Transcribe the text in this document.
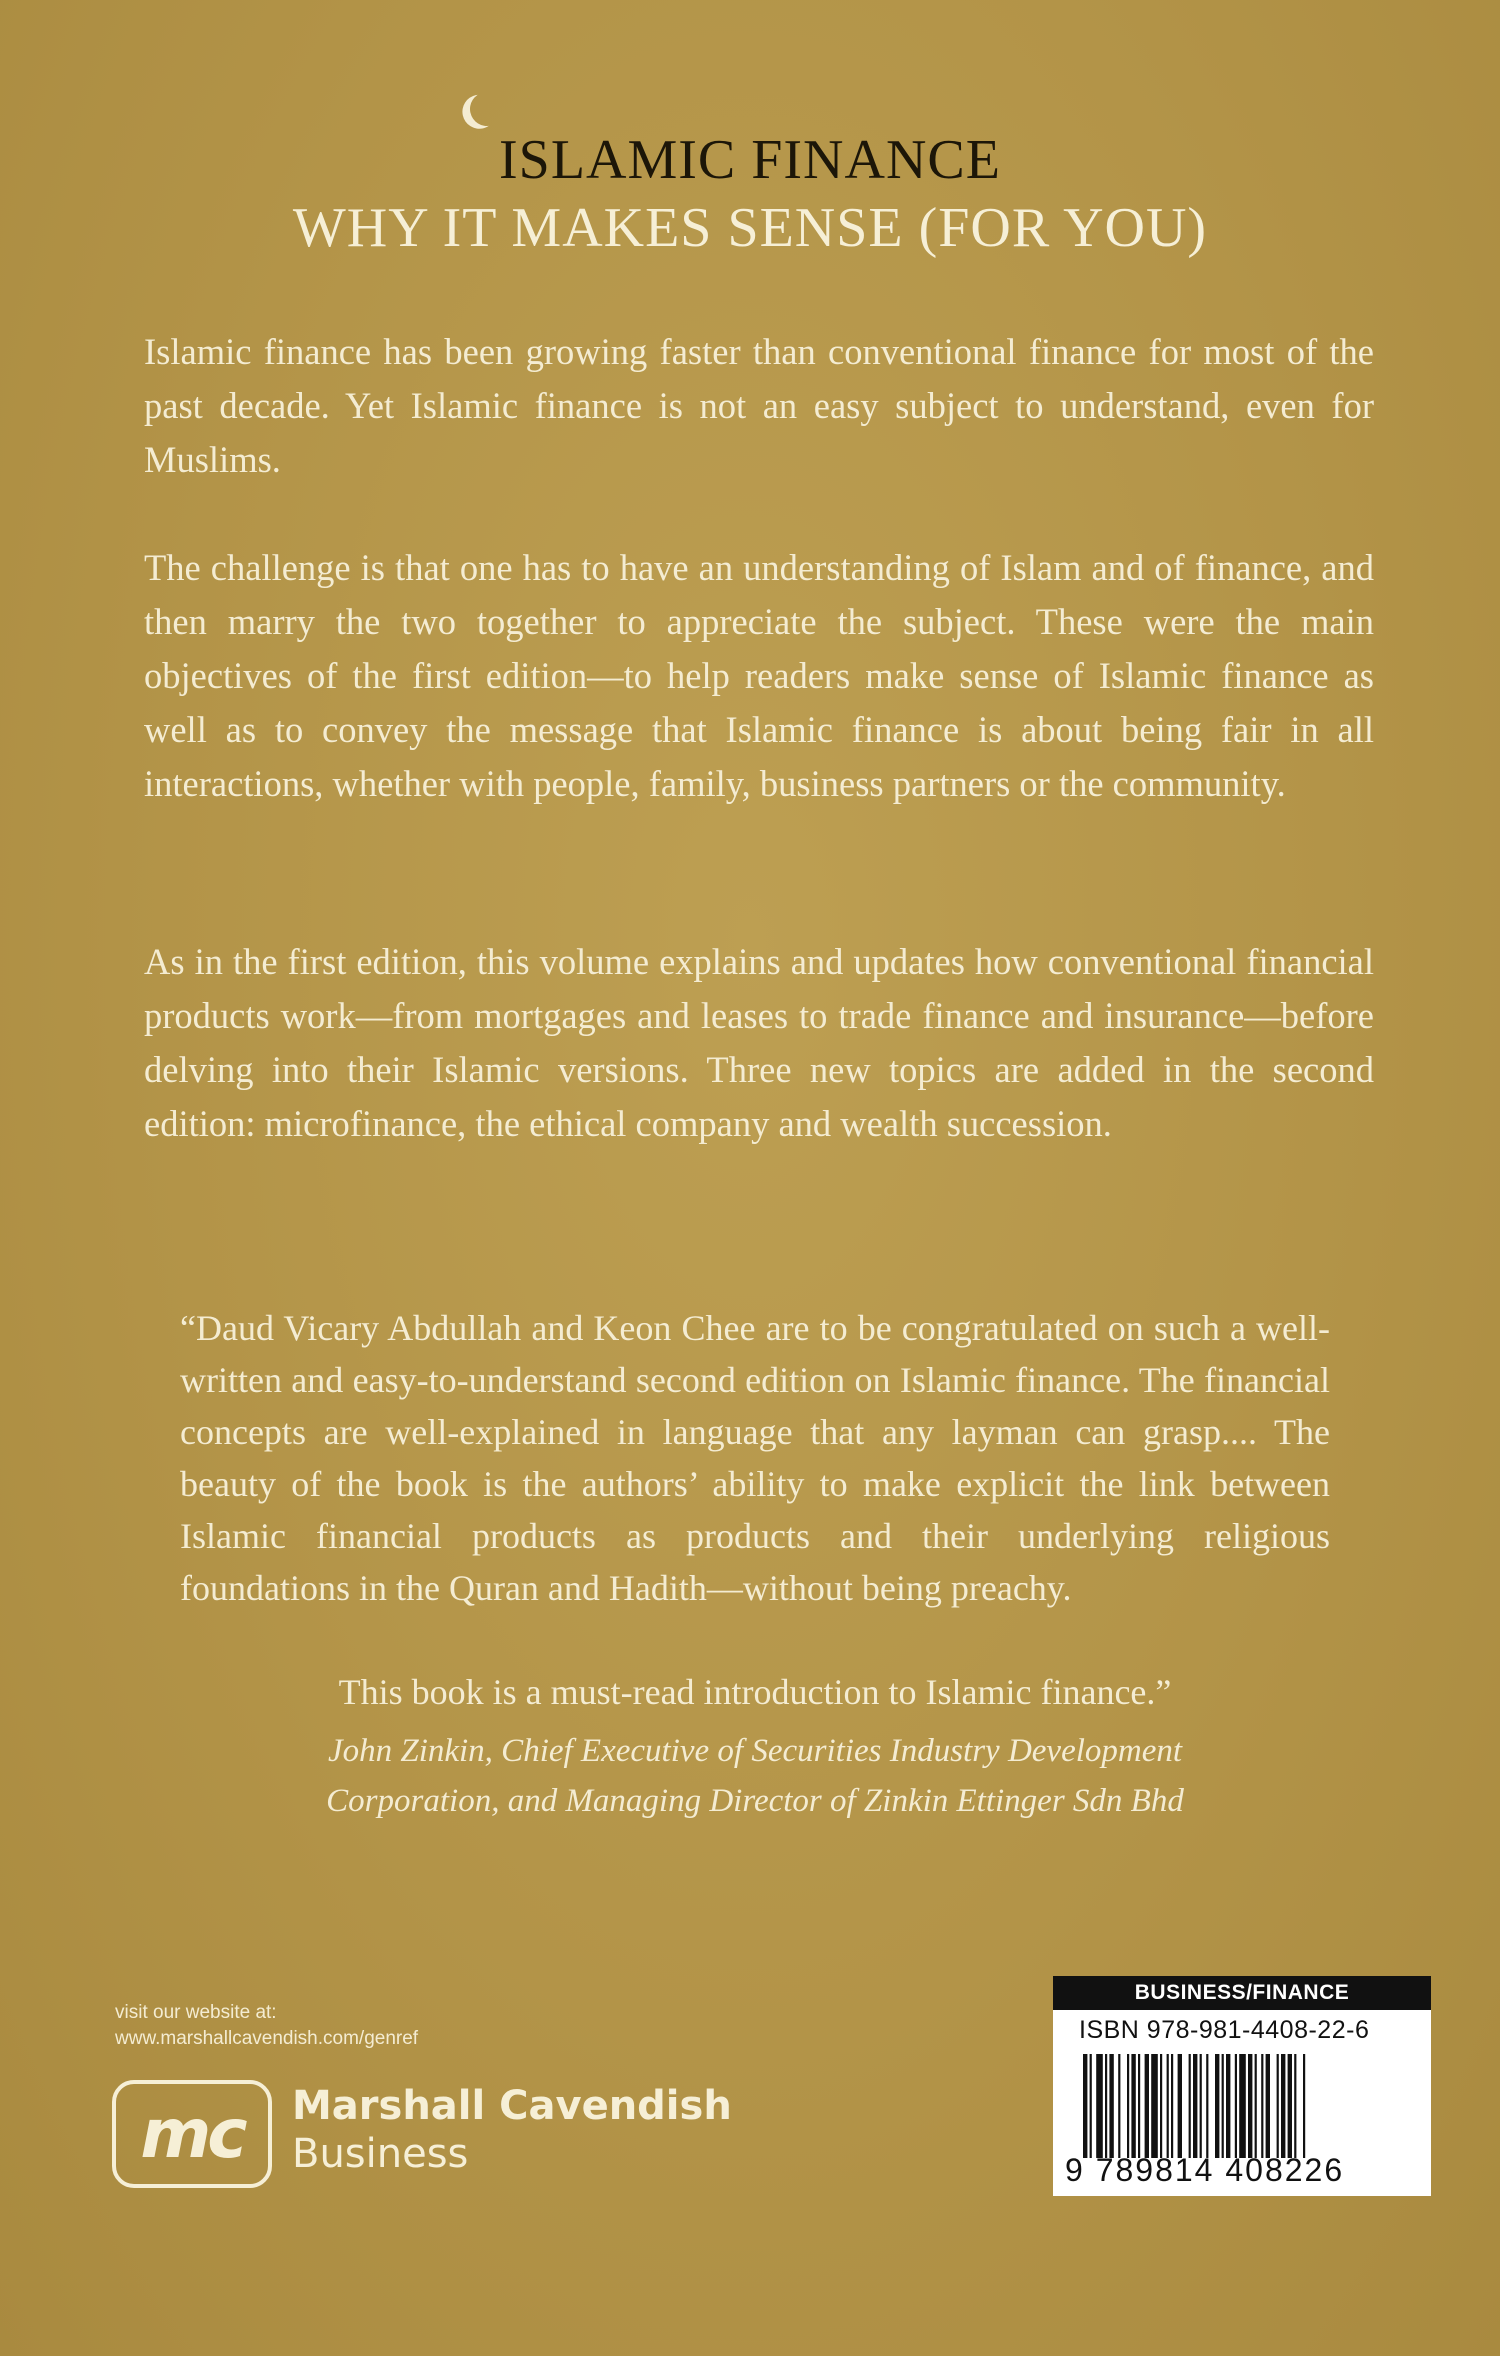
ISLAMIC FINANCE
WHY IT MAKES SENSE (FOR YOU)

Islamic finance has been growing faster than conventional finance for most of the past decade. Yet Islamic finance is not an easy subject to understand, even for Muslims.

The challenge is that one has to have an understanding of Islam and of finance, and then marry the two together to appreciate the subject. These were the main objectives of the first edition—to help readers make sense of Islamic finance as well as to convey the message that Islamic finance is about being fair in all interactions, whether with people, family, business partners or the community.

As in the first edition, this volume explains and updates how conventional financial products work—from mortgages and leases to trade finance and insurance—before delving into their Islamic versions. Three new topics are added in the second edition: microfinance, the ethical company and wealth succession.

“Daud Vicary Abdullah and Keon Chee are to be congratulated on such a well-written and easy-to-understand second edition on Islamic finance. The financial concepts are well-explained in language that any layman can grasp.... The beauty of the book is the authors’ ability to make explicit the link between Islamic financial products as products and their underlying religious foundations in the Quran and Hadith—without being preachy.

This book is a must-read introduction to Islamic finance.”

John Zinkin, Chief Executive of Securities Industry Development
Corporation, and Managing Director of Zinkin Ettinger Sdn Bhd

visit our website at:
www.marshallcavendish.com/genref
mc Marshall Cavendish
Business
BUSINESS/FINANCE
ISBN 978-981-4408-22-6
9 789814 408226
